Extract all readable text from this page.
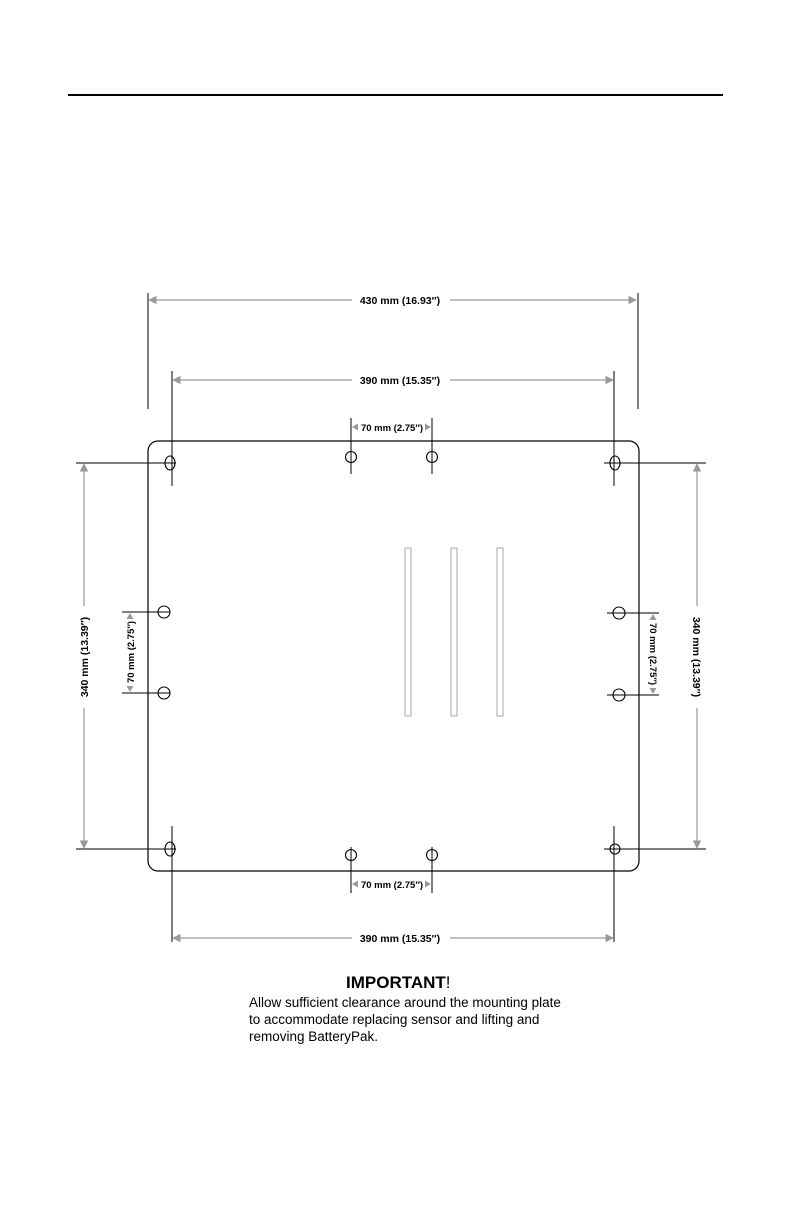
430 mm (16.93″)
390 mm (15.35″)
70 mm (2.75″)
70 mm (2.75″)
390 mm (15.35″)
340 mm (13.39″)	70 mm (2.75″)	340 mm (13.39″)
70 mm (2.75″)
IMPORTANT!
Allow sufficient clearance around the mounting plate
to accommodate replacing sensor and lifting and
removing BatteryPak.
